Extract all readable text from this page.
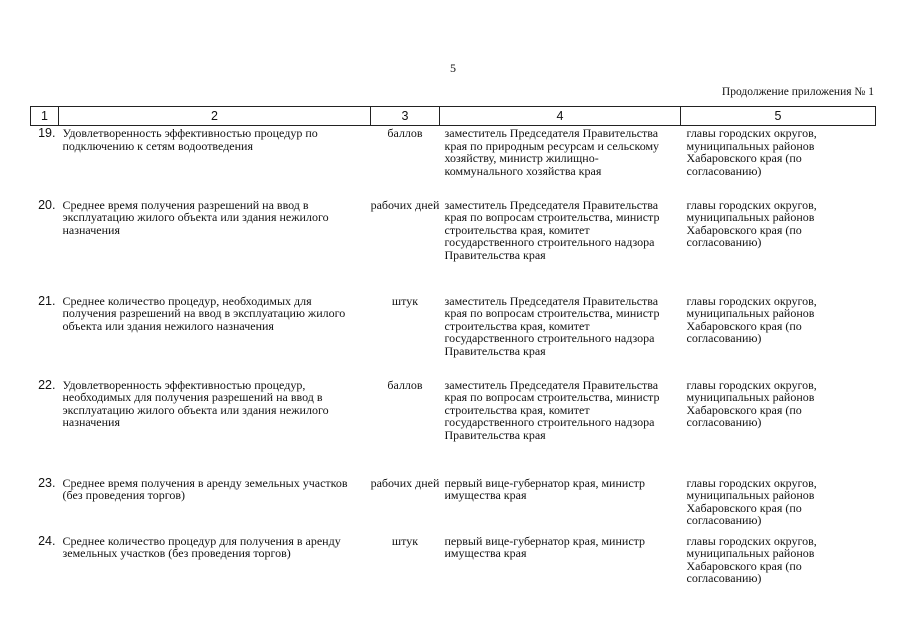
5
Продолжение приложения № 1
1	2	3	4	5
19.	Удовлетворенность эффективностью процедур по подключению к сетям водоотведения	баллов	заместитель Председателя Правительства края по природным ресурсам и сельскому хозяйству, министр жилищно-коммунального хозяйства края	главы городских округов, муниципальных районов Хабаровского края (по согласованию)
20.	Среднее время получения разрешений на ввод в эксплуатацию жилого объекта или здания нежилого назначения	рабочих дней	заместитель Председателя Правительства края по вопросам строительства, министр строительства края, комитет государственного строительного надзора Правительства края	главы городских округов, муниципальных районов Хабаровского края (по согласованию)
21.	Среднее количество процедур, необходимых для получения разрешений на ввод в эксплуатацию жилого объекта или здания нежилого назначения	штук	заместитель Председателя Правительства края по вопросам строительства, министр строительства края, комитет государственного строительного надзора Правительства края	главы городских округов, муниципальных районов Хабаровского края (по согласованию)
22.	Удовлетворенность эффективностью процедур, необходимых для получения разрешений на ввод в эксплуатацию жилого объекта или здания нежилого назначения	баллов	заместитель Председателя Правительства края по вопросам строительства, министр строительства края, комитет государственного строительного надзора Правительства края	главы городских округов, муниципальных районов Хабаровского края (по согласованию)
23.	Среднее время получения в аренду земельных участков (без проведения торгов)	рабочих дней	первый вице-губернатор края, министр имущества края	главы городских округов, муниципальных районов Хабаровского края (по согласованию)
24.	Среднее количество процедур для получения в аренду земельных участков (без проведения торгов)	штук	первый вице-губернатор края, министр имущества края	главы городских округов, муниципальных районов Хабаровского края (по согласованию)
